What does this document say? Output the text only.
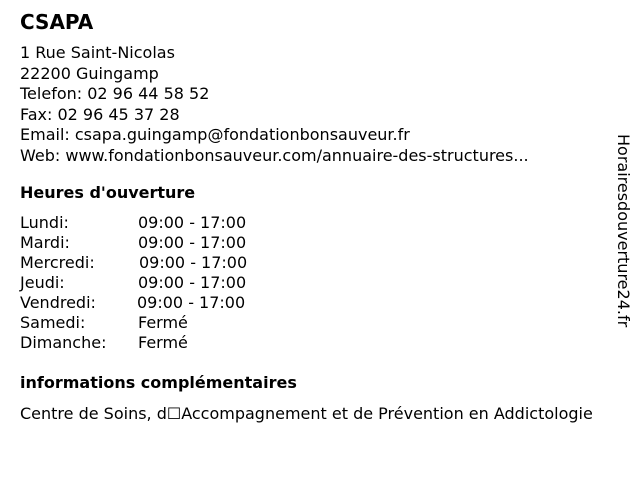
CSAPA
1 Rue Saint-Nicolas
22200 Guingamp
Telefon: 02 96 44 58 52
Fax: 02 96 45 37 28
Email: csapa.guingamp@fondationbonsauveur.fr
Web: www.fondationbonsauveur.com/annuaire-des-structures...
Heures d'ouverture
Lundi:	09:00 - 17:00
Mardi:	09:00 - 17:00
Mercredi:	09:00 - 17:00
Jeudi:	09:00 - 17:00
Vendredi:	09:00 - 17:00
Samedi:	Fermé
Dimanche: Fermé
informations complémentaires
Centre de Soins, d☐Accompagnement et de Prévention en Addictologie
Horairesdouverture24.fr
